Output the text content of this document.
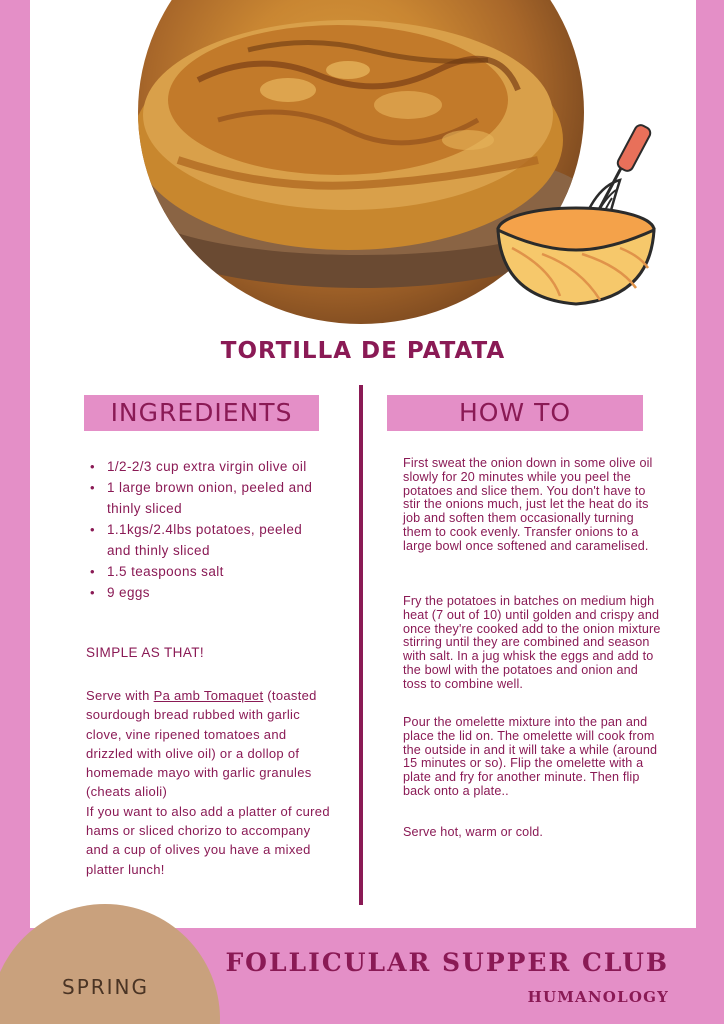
TORTILLA DE PATATA
INGREDIENTS	HOW TO
• 1/2-2/3 cup extra virgin olive oil
• 1 large brown onion, peeled and thinly sliced
• 1.1kgs/2.4lbs potatoes, peeled and thinly sliced
• 1.5 teaspoons salt
• 9 eggs

SIMPLE AS THAT!

Serve with Pa amb Tomaquet (toasted sourdough bread rubbed with garlic clove, vine ripened tomatoes and drizzled with olive oil) or a dollop of homemade mayo with garlic granules (cheats alioli)
If you want to also add a platter of cured hams or sliced chorizo to accompany and a cup of olives you have a mixed platter lunch!

First sweat the onion down in some olive oil slowly for 20 minutes while you peel the potatoes and slice them. You don't have to stir the onions much, just let the heat do its job and soften them occasionally turning them to cook evenly. Transfer onions to a large bowl once softened and caramelised.

Fry the potatoes in batches on medium high heat (7 out of 10) until golden and crispy and once they're cooked add to the onion mixture stirring until they are combined and season with salt. In a jug whisk the eggs and add to the bowl with the potatoes and onion and toss to combine well.

Pour the omelette mixture into the pan and place the lid on. The omelette will cook from the outside in and it will take a while (around 15 minutes or so). Flip the omelette with a plate and fry for another minute. Then flip back onto a plate..

Serve hot, warm or cold.

SPRING
FOLLICULAR SUPPER CLUB
HUMANOLOGY
